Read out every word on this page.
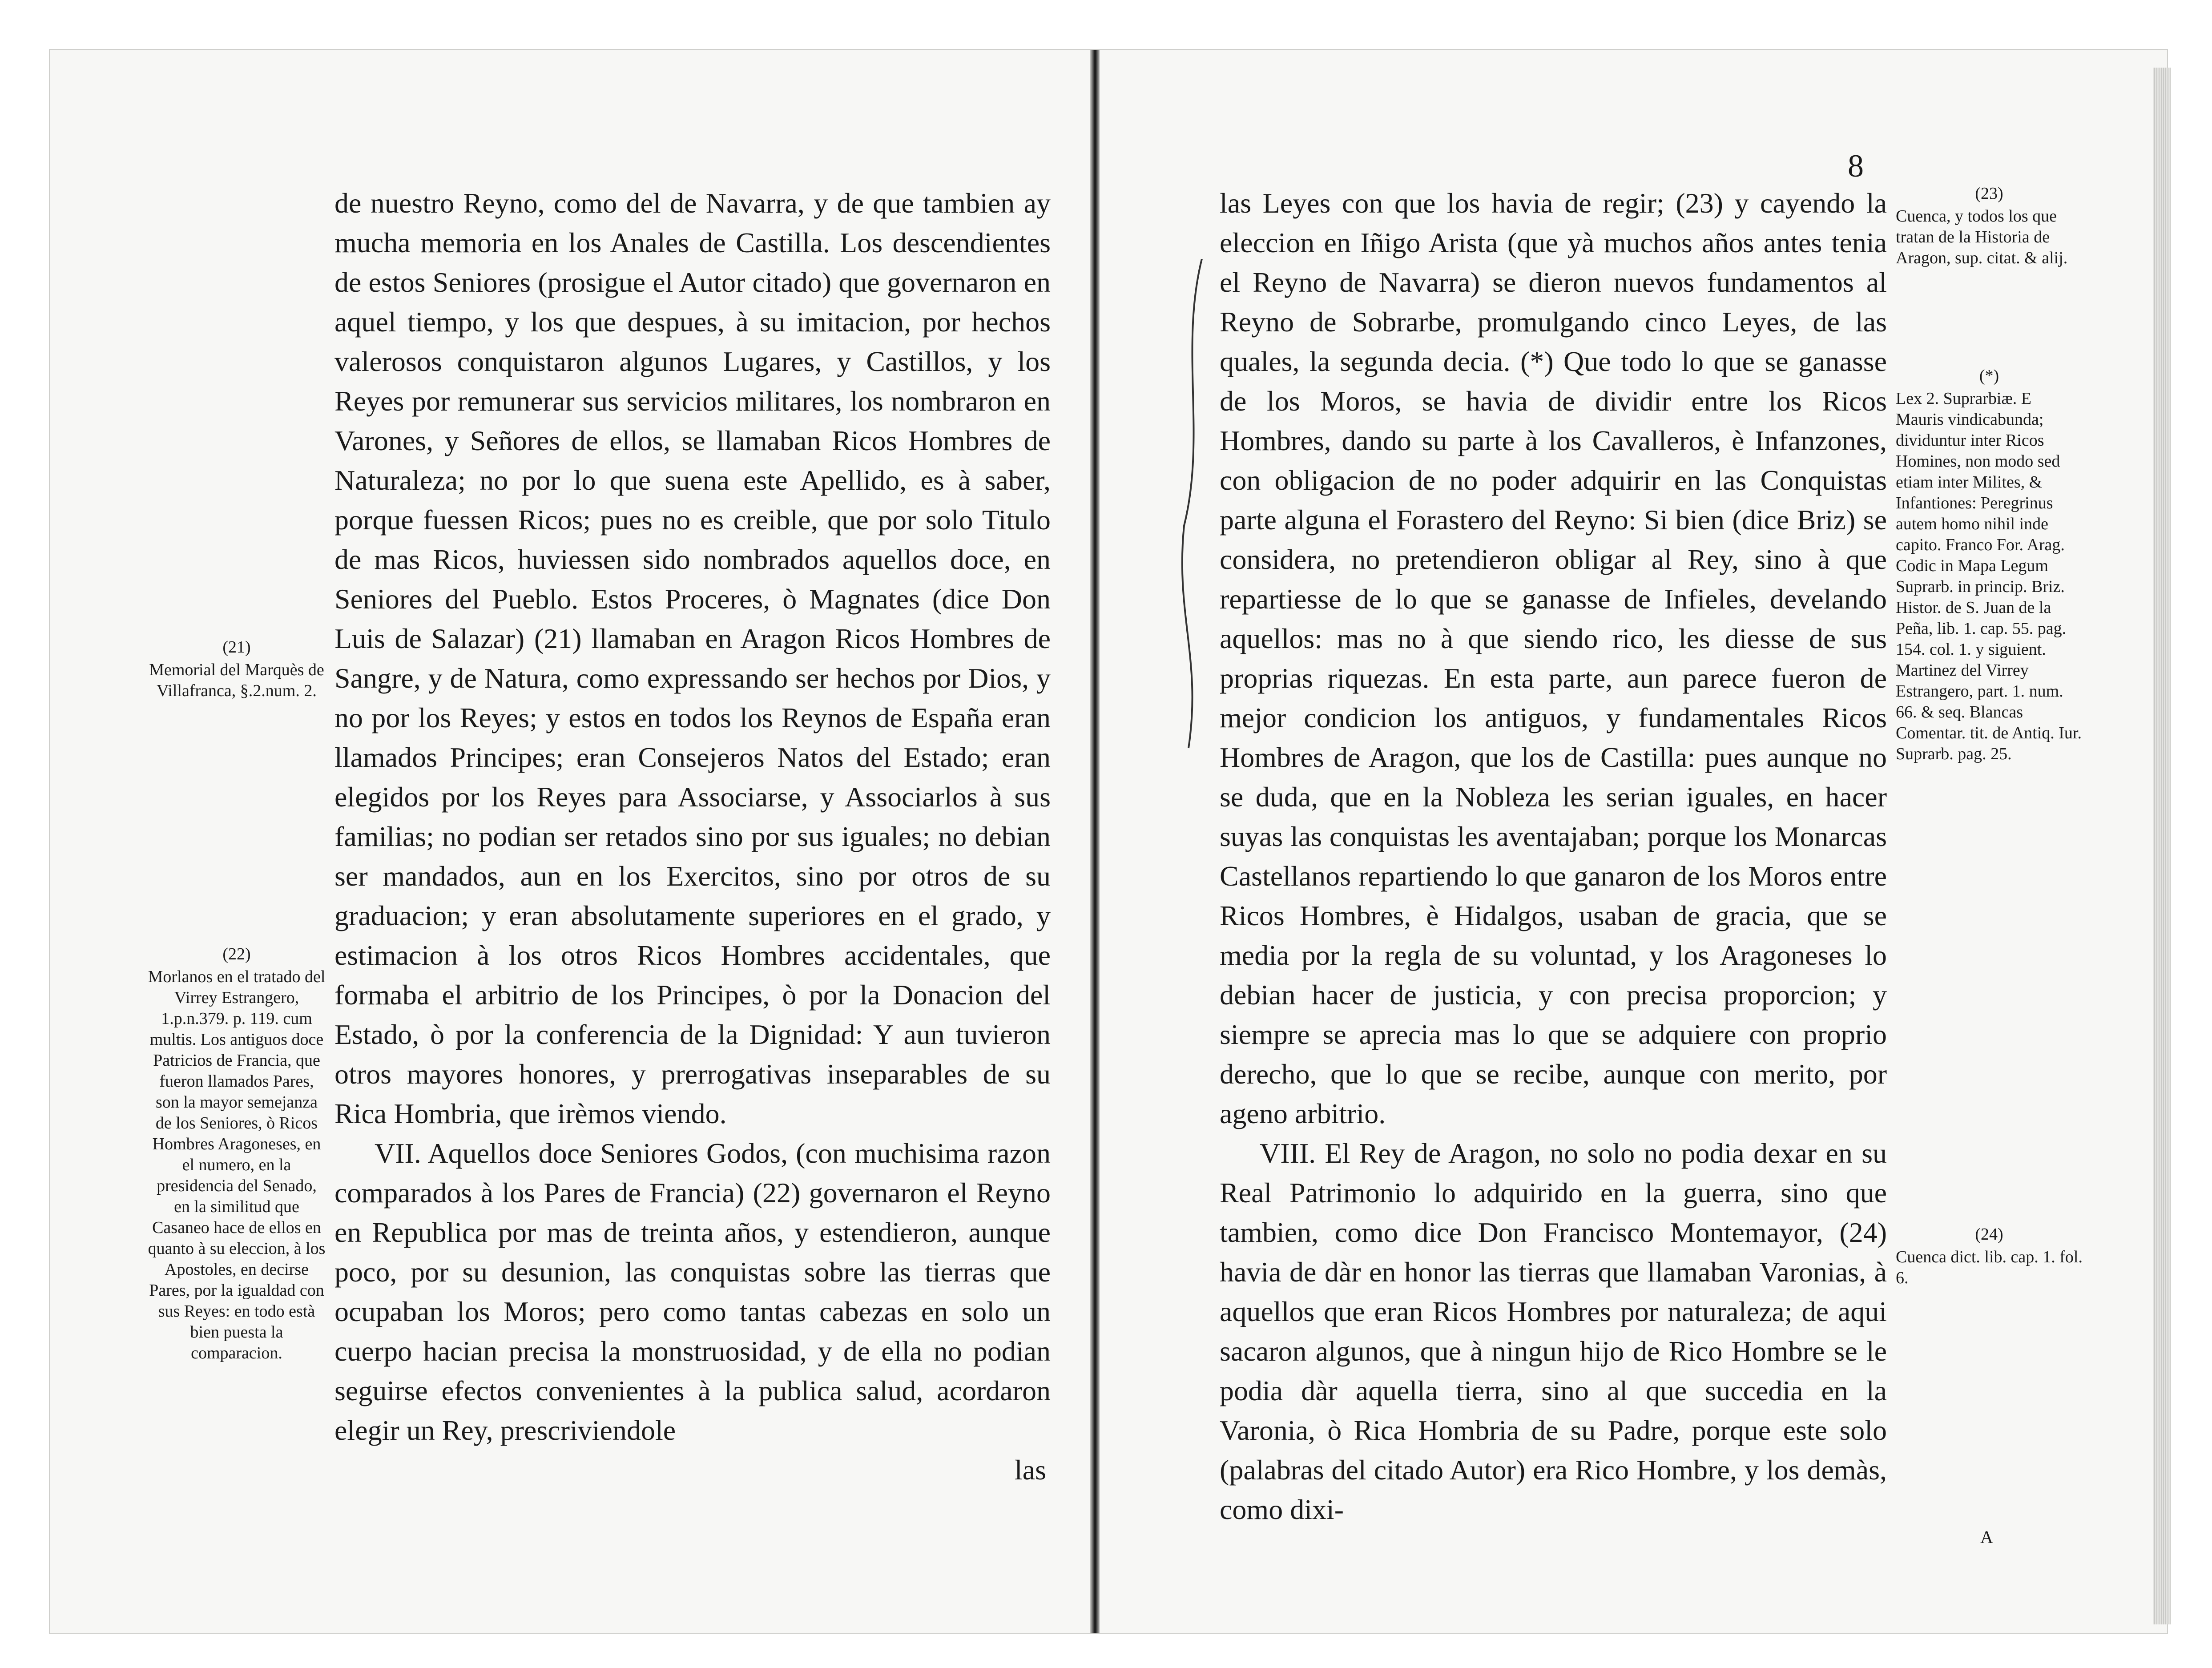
de nuestro Reyno, como del de Navarra, y de que tambien ay mucha memoria en los Anales de Castilla. Los descendientes de estos Seniores (prosigue el Autor citado) que governaron en aquel tiempo, y los que despues, à su imitacion, por hechos valerosos conquistaron algunos Lugares, y Castillos, y los Reyes por remunerar sus servicios militares, los nombraron en Varones, y Señores de ellos, se llamaban Ricos Hombres de Naturaleza; no por lo que suena este Apellido, es à saber, porque fuessen Ricos; pues no es creible, que por solo Titulo de mas Ricos, huviessen sido nombrados aquellos doce, en Seniores del Pueblo. Estos Proceres, ò Magnates (dice Don Luis de Salazar) (21) llamaban en Aragon Ricos Hombres de Sangre, y de Natura, como expressando ser hechos por Dios, y no por los Reyes; y estos en todos los Reynos de España eran llamados Principes; eran Consejeros Natos del Estado; eran elegidos por los Reyes para Associarse, y Associarlos à sus familias; no podian ser retados sino por sus iguales; no debian ser mandados, aun en los Exercitos, sino por otros de su graduacion; y eran absolutamente superiores en el grado, y estimacion à los otros Ricos Hombres accidentales, que formaba el arbitrio de los Principes, ò por la Donacion del Estado, ò por la conferencia de la Dignidad: Y aun tuvieron otros mayores honores, y prerrogativas inseparables de su Rica Hombria, que irèmos viendo.

VII. Aquellos doce Seniores Godos, (con muchisima razon comparados à los Pares de Francia) (22) governaron el Reyno en Republica por mas de treinta años, y estendieron, aunque poco, por su desunion, las conquistas sobre las tierras que ocupaban los Moros; pero como tantas cabezas en solo un cuerpo hacian precisa la monstruosidad, y de ella no podian seguirse efectos convenientes à la publica salud, acordaron elegir un Rey, prescriviendole

las

(21)
Memorial del Marquès de Villafranca, §.2.num. 2.
(22)
Morlanos en el tratado del Virrey Estrangero, 1.p.n.379. p. 119. cum multis. Los antiguos doce Patricios de Francia, que fueron llamados Pares, son la mayor semejanza de los Seniores, ò Ricos Hombres Aragoneses, en el numero, en la presidencia del Senado, en la similitud que Casaneo hace de ellos en quanto à su eleccion, à los Apostoles, en decirse Pares, por la igualdad con sus Reyes: en todo està bien puesta la comparacion.
8

las Leyes con que los havia de regir; (23) y cayendo la eleccion en Iñigo Arista (que yà muchos años antes tenia el Reyno de Navarra) se dieron nuevos fundamentos al Reyno de Sobrarbe, promulgando cinco Leyes, de las quales, la segunda decia. (*) Que todo lo que se ganasse de los Moros, se havia de dividir entre los Ricos Hombres, dando su parte à los Cavalleros, è Infanzones, con obligacion de no poder adquirir en las Conquistas parte alguna el Forastero del Reyno: Si bien (dice Briz) se considera, no pretendieron obligar al Rey, sino à que repartiesse de lo que se ganasse de Infieles, develando aquellos: mas no à que siendo rico, les diesse de sus proprias riquezas. En esta parte, aun parece fueron de mejor condicion los antiguos, y fundamentales Ricos Hombres de Aragon, que los de Castilla: pues aunque no se duda, que en la Nobleza les serian iguales, en hacer suyas las conquistas les aventajaban; porque los Monarcas Castellanos repartiendo lo que ganaron de los Moros entre Ricos Hombres, è Hidalgos, usaban de gracia, que se media por la regla de su voluntad, y los Aragoneses lo debian hacer de justicia, y con precisa proporcion; y siempre se aprecia mas lo que se adquiere con proprio derecho, que lo que se recibe, aunque con merito, por ageno arbitrio.

VIII. El Rey de Aragon, no solo no podia dexar en su Real Patrimonio lo adquirido en la guerra, sino que tambien, como dice Don Francisco Montemayor, (24) havia de dàr en honor las tierras que llamaban Varonias, à aquellos que eran Ricos Hombres por naturaleza; de aqui sacaron algunos, que à ningun hijo de Rico Hombre se le podia dàr aquella tierra, sino al que succedia en la Varonia, ò Rica Hombria de su Padre, porque este solo (palabras del citado Autor) era Rico Hombre, y los demàs, como dixi-

(23)
Cuenca, y todos los que tratan de la Historia de Aragon, sup. citat. & alij.
(*)
Lex 2. Suprarbiæ. E Mauris vindicabunda; dividuntur inter Ricos Homines, non modo sed etiam inter Milites, & Infantiones: Peregrinus autem homo nihil inde capito. Franco For. Arag. Codic in Mapa Legum Suprarb. in princip. Briz. Histor. de S. Juan de la Peña, lib. 1. cap. 55. pag. 154. col. 1. y siguient. Martinez del Virrey Estrangero, part. 1. num. 66. & seq. Blancas Comentar. tit. de Antiq. Iur. Suprarb. pag. 25.
(24)
Cuenca dict. lib. cap. 1. fol. 6.
A
